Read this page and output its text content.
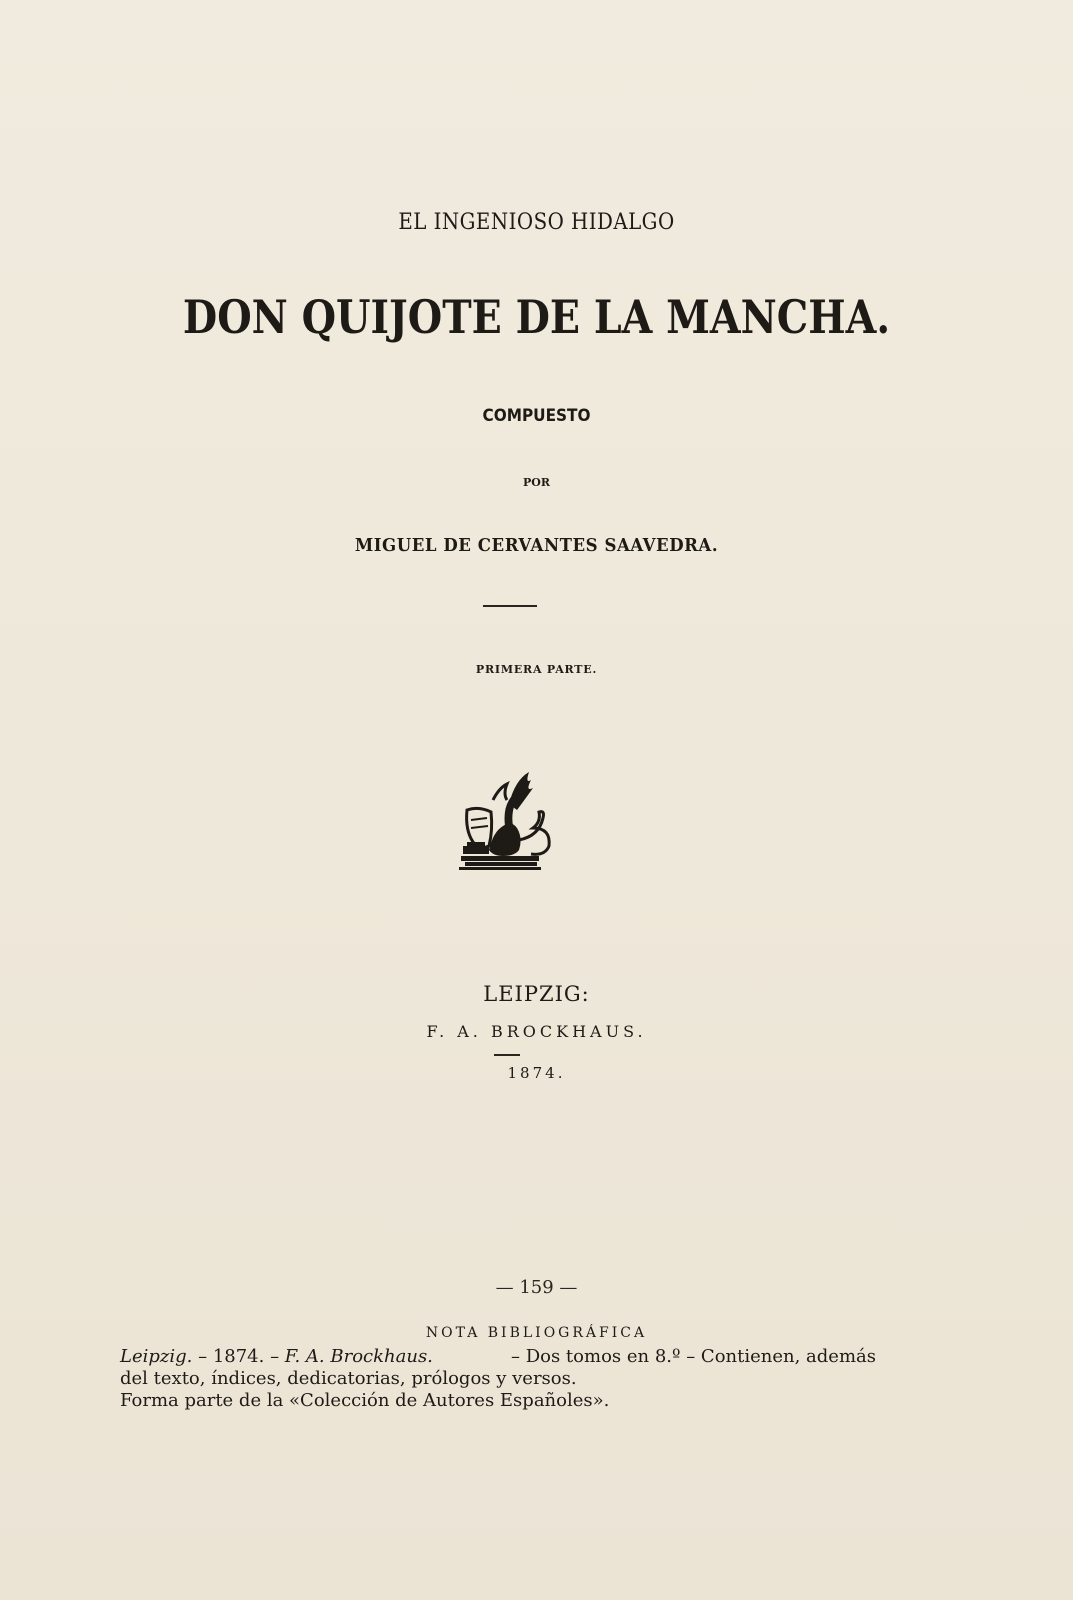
EL INGENIOSO HIDALGO
DON QUIJOTE DE LA MANCHA.
COMPUESTO
POR
MIGUEL DE CERVANTES SAAVEDRA.
PRIMERA PARTE.
LEIPZIG:
F. A. BROCKHAUS.
1874.
— 159 —
NOTA BIBLIOGRÁFICA
Leipzig. – 1874. – F. A. Brockhaus.	– Dos tomos en 8.º – Contienen, además
del texto, índices, dedicatorias, prólogos y versos.
Forma parte de la «Colección de Autores Españoles».
